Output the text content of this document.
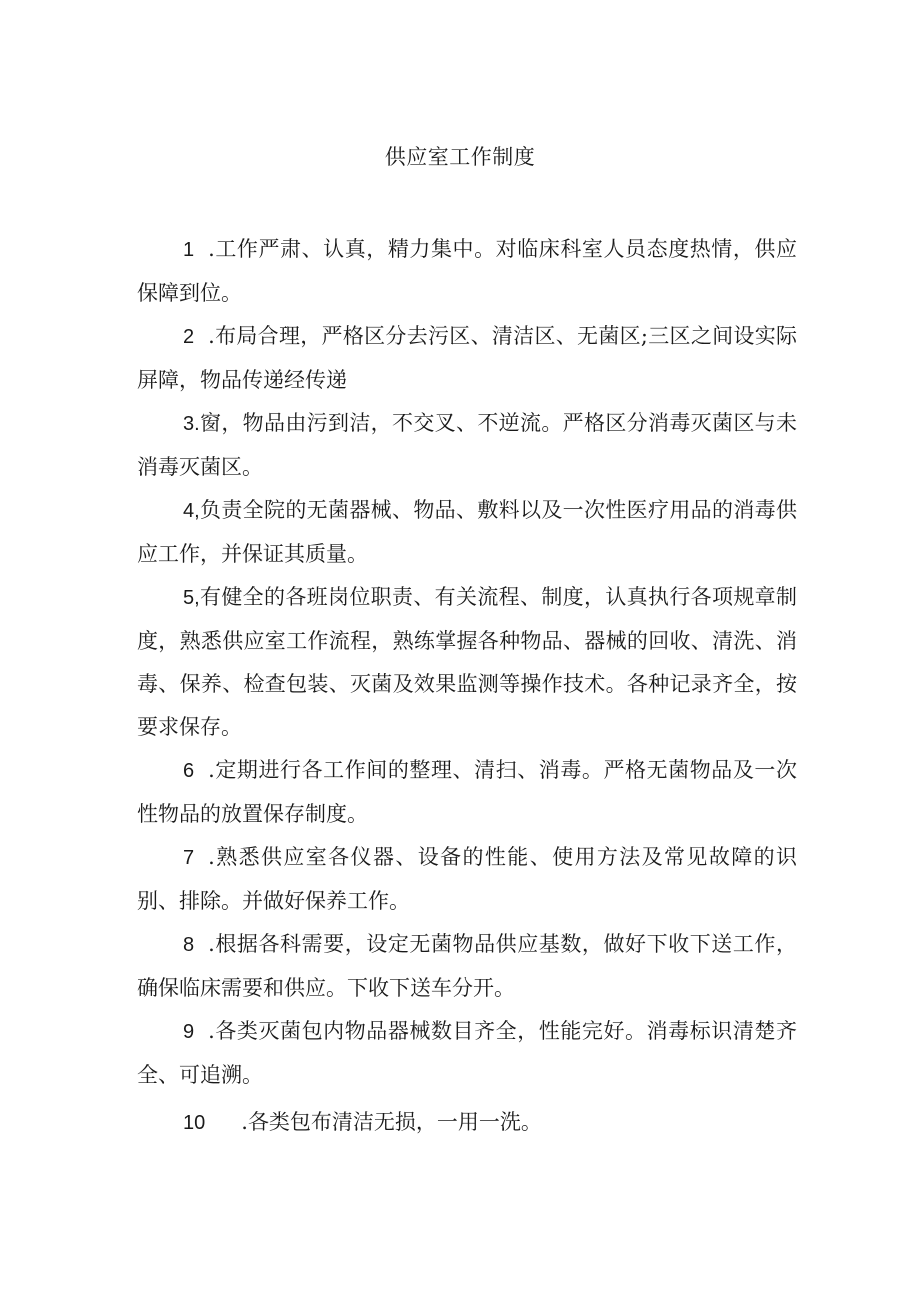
供应室工作制度

1 .工作严肃、认真，精力集中。对临床科室人员态度热情，供应保障到位。

2 .布局合理，严格区分去污区、清洁区、无菌区;三区之间设实际屏障，物品传递经传递

3.窗，物品由污到洁，不交叉、不逆流。严格区分消毒灭菌区与未消毒灭菌区。

4,负责全院的无菌器械、物品、敷料以及一次性医疗用品的消毒供应工作，并保证其质量。

5,有健全的各班岗位职责、有关流程、制度，认真执行各项规章制度，熟悉供应室工作流程，熟练掌握各种物品、器械的回收、清洗、消毒、保养、检查包装、灭菌及效果监测等操作技术。各种记录齐全，按要求保存。

6 .定期进行各工作间的整理、清扫、消毒。严格无菌物品及一次性物品的放置保存制度。

7 .熟悉供应室各仪器、设备的性能、使用方法及常见故障的识别、排除。并做好保养工作。

8 .根据各科需要，设定无菌物品供应基数，做好下收下送工作，确保临床需要和供应。下收下送车分开。

9 .各类灭菌包内物品器械数目齐全，性能完好。消毒标识清楚齐全、可追溯。

10 .各类包布清洁无损，一用一洗。
